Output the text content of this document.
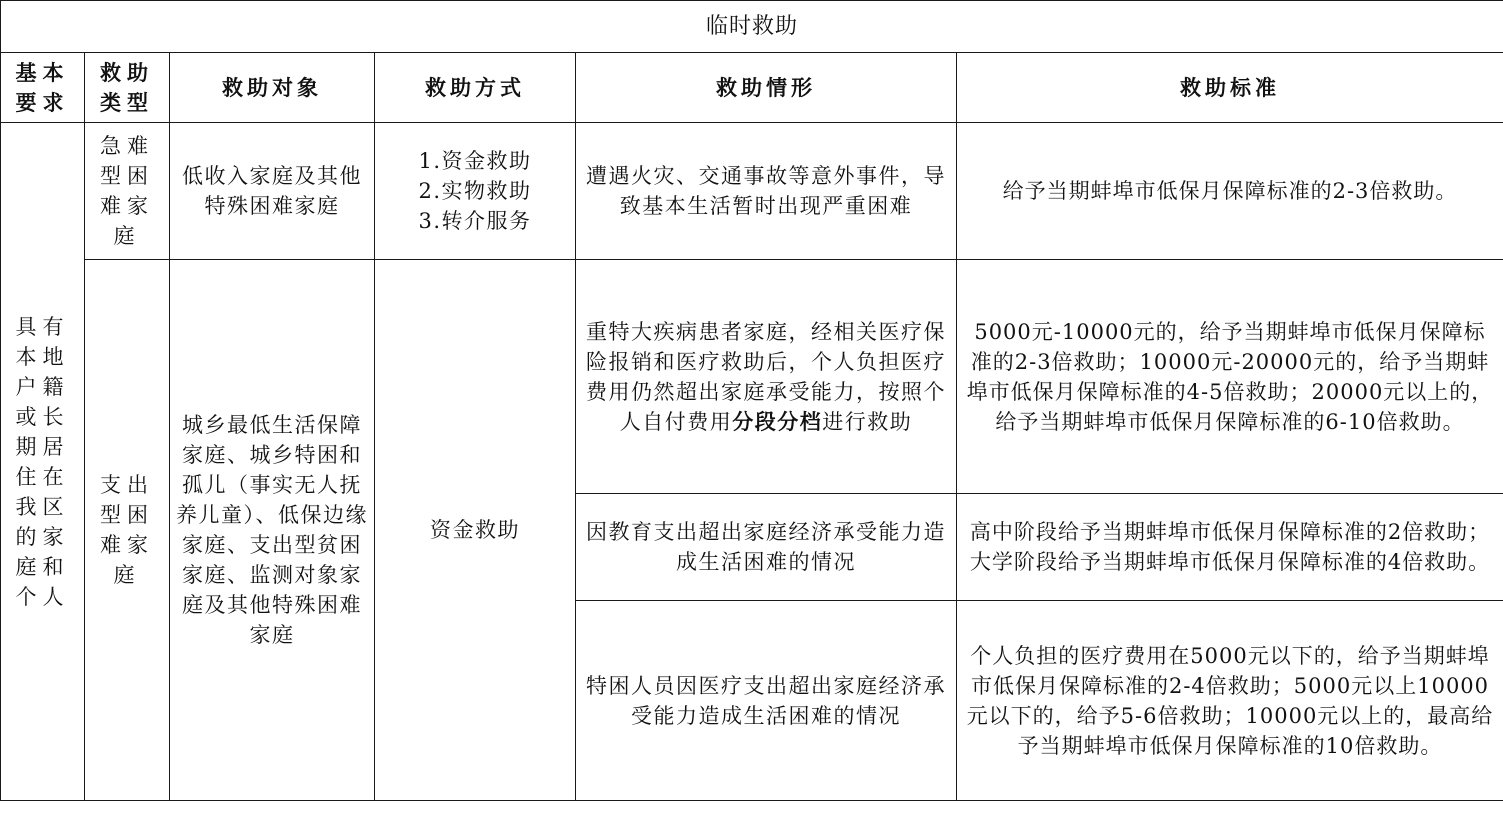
临时救助					
基本要求	救助类型	救助对象	救助方式	救助情形	救助标准
具有本地户籍或长期居住在我区的家庭和个人	急难型困难家庭	低收入家庭及其他特殊困难家庭	1.资金救助
2.实物救助
3.转介服务	遭遇火灾、交通事故等意外事件，导致基本生活暂时出现严重困难	给予当期蚌埠市低保月保障标准的2-3倍救助。
	支出型困难家庭	城乡最低生活保障家庭、城乡特困和孤儿（事实无人抚养儿童）、低保边缘家庭、支出型贫困家庭、监测对象家庭及其他特殊困难家庭	资金救助	重特大疾病患者家庭，经相关医疗保险报销和医疗救助后，个人负担医疗费用仍然超出家庭承受能力，按照个人自付费用分段分档进行救助	5000元-10000元的，给予当期蚌埠市低保月保障标准的2-3倍救助；10000元-20000元的，给予当期蚌埠市低保月保障标准的4-5倍救助；20000元以上的，给予当期蚌埠市低保月保障标准的6-10倍救助。
				因教育支出超出家庭经济承受能力造成生活困难的情况	高中阶段给予当期蚌埠市低保月保障标准的2倍救助；大学阶段给予当期蚌埠市低保月保障标准的4倍救助。
				特困人员因医疗支出超出家庭经济承受能力造成生活困难的情况	个人负担的医疗费用在5000元以下的，给予当期蚌埠市低保月保障标准的2-4倍救助；5000元以上10000元以下的，给予5-6倍救助；10000元以上的，最高给予当期蚌埠市低保月保障标准的10倍救助。
